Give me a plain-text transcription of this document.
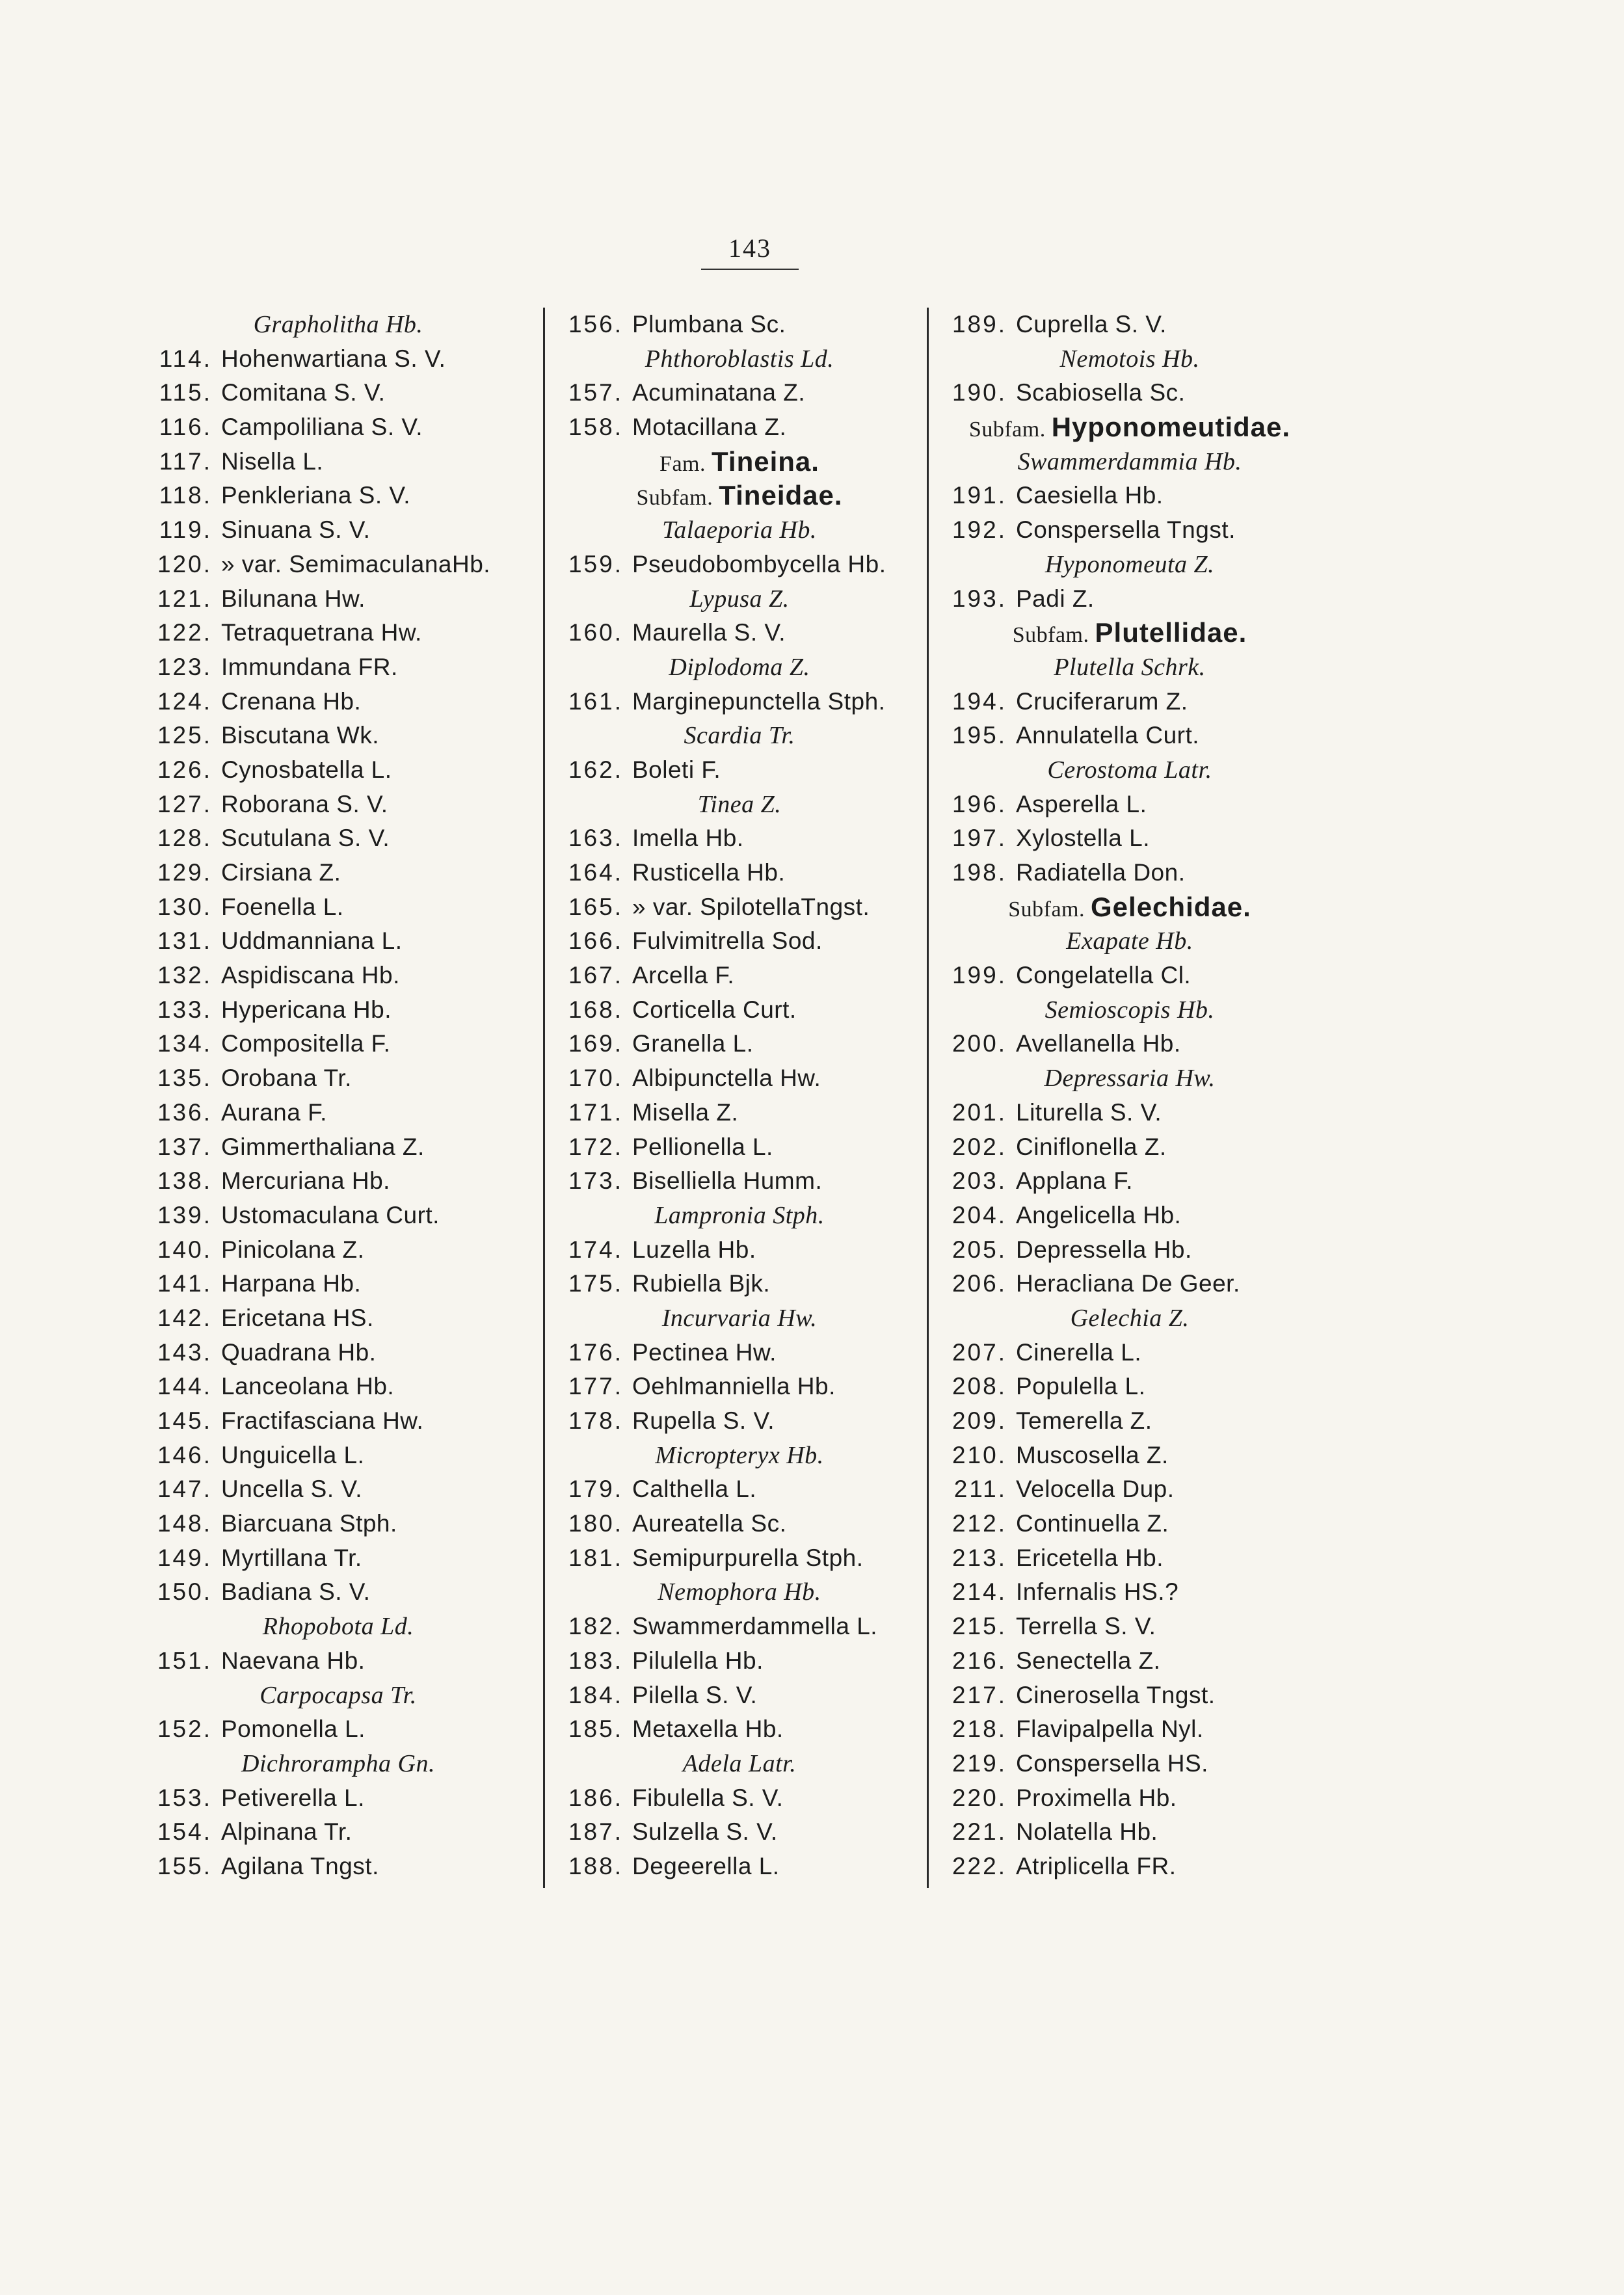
143
Grapholitha Hb.
114. Hohenwartiana S. V.
115. Comitana S. V.
116. Campoliliana S. V.
117. Nisella L.
118. Penkleriana S. V.
119. Sinuana S. V.
120. » var. SemimaculanaHb.
121. Bilunana Hw.
122. Tetraquetrana Hw.
123. Immundana FR.
124. Crenana Hb.
125. Biscutana Wk.
126. Cynosbatella L.
127. Roborana S. V.
128. Scutulana S. V.
129. Cirsiana Z.
130. Foenella L.
131. Uddmanniana L.
132. Aspidiscana Hb.
133. Hypericana Hb.
134. Compositella F.
135. Orobana Tr.
136. Aurana F.
137. Gimmerthaliana Z.
138. Mercuriana Hb.
139. Ustomaculana Curt.
140. Pinicolana Z.
141. Harpana Hb.
142. Ericetana HS.
143. Quadrana Hb.
144. Lanceolana Hb.
145. Fractifasciana Hw.
146. Unguicella L.
147. Uncella S. V.
148. Biarcuana Stph.
149. Myrtillana Tr.
150. Badiana S. V.
Rhopobota Ld.
151. Naevana Hb.
Carpocapsa Tr.
152. Pomonella L.
Dichrorampha Gn.
153. Petiverella L.
154. Alpinana Tr.
155. Agilana Tngst.
156. Plumbana Sc.
Phthoroblastis Ld.
157. Acuminatana Z.
158. Motacillana Z.
Fam. Tineina.
Subfam. Tineidae.
Talaeporia Hb.
159. Pseudobombycella Hb.
Lypusa Z.
160. Maurella S. V.
Diplodoma Z.
161. Marginepunctella Stph.
Scardia Tr.
162. Boleti F.
Tinea Z.
163. Imella Hb.
164. Rusticella Hb.
165. » var. SpilotellaTngst.
166. Fulvimitrella Sod.
167. Arcella F.
168. Corticella Curt.
169. Granella L.
170. Albipunctella Hw.
171. Misella Z.
172. Pellionella L.
173. Biselliella Humm.
Lampronia Stph.
174. Luzella Hb.
175. Rubiella Bjk.
Incurvaria Hw.
176. Pectinea Hw.
177. Oehlmanniella Hb.
178. Rupella S. V.
Micropteryx Hb.
179. Calthella L.
180. Aureatella Sc.
181. Semipurpurella Stph.
Nemophora Hb.
182. Swammerdammella L.
183. Pilulella Hb.
184. Pilella S. V.
185. Metaxella Hb.
Adela Latr.
186. Fibulella S. V.
187. Sulzella S. V.
188. Degeerella L.
189. Cuprella S. V.
Nemotois Hb.
190. Scabiosella Sc.
Subfam. Hyponomeutidae.
Swammerdammia Hb.
191. Caesiella Hb.
192. Conspersella Tngst.
Hyponomeuta Z.
193. Padi Z.
Subfam. Plutellidae.
Plutella Schrk.
194. Cruciferarum Z.
195. Annulatella Curt.
Cerostoma Latr.
196. Asperella L.
197. Xylostella L.
198. Radiatella Don.
Subfam. Gelechidae.
Exapate Hb.
199. Congelatella Cl.
Semioscopis Hb.
200. Avellanella Hb.
Depressaria Hw.
201. Liturella S. V.
202. Ciniflonella Z.
203. Applana F.
204. Angelicella Hb.
205. Depressella Hb.
206. Heracliana De Geer.
Gelechia Z.
207. Cinerella L.
208. Populella L.
209. Temerella Z.
210. Muscosella Z.
211. Velocella Dup.
212. Continuella Z.
213. Ericetella Hb.
214. Infernalis HS.?
215. Terrella S. V.
216. Senectella Z.
217. Cinerosella Tngst.
218. Flavipalpella Nyl.
219. Conspersella HS.
220. Proximella Hb.
221. Nolatella Hb.
222. Atriplicella FR.
